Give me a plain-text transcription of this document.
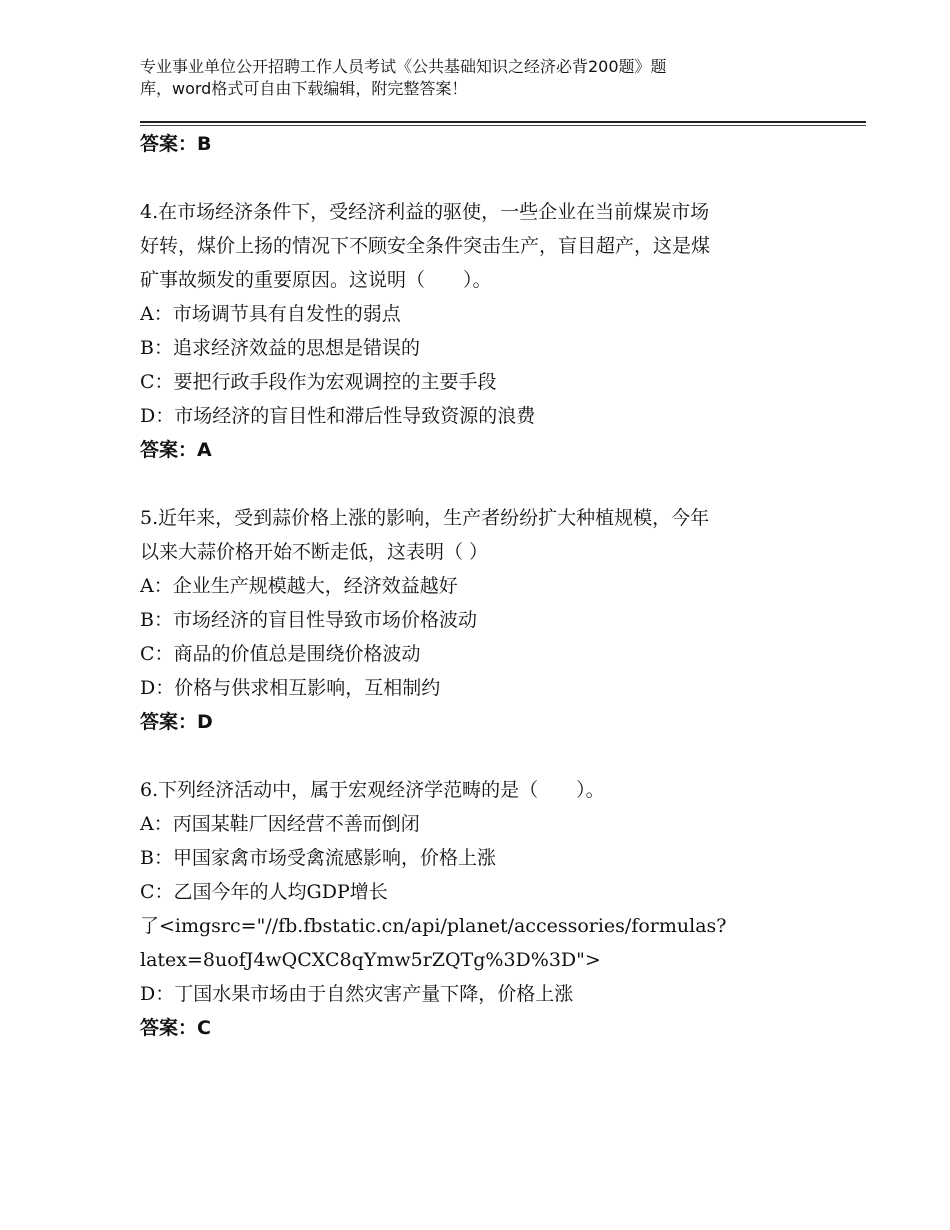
专业事业单位公开招聘工作人员考试《公共基础知识之经济必背200题》题
库，word格式可自由下载编辑，附完整答案！
答案：B
4.在市场经济条件下，受经济利益的驱使，一些企业在当前煤炭市场
好转，煤价上扬的情况下不顾安全条件突击生产，盲目超产，这是煤
矿事故频发的重要原因。这说明（　　）。
A：市场调节具有自发性的弱点
B：追求经济效益的思想是错误的
C：要把行政手段作为宏观调控的主要手段
D：市场经济的盲目性和滞后性导致资源的浪费
答案：A
5.近年来，受到蒜价格上涨的影响，生产者纷纷扩大种植规模，今年
以来大蒜价格开始不断走低，这表明（ ）
A：企业生产规模越大，经济效益越好
B：市场经济的盲目性导致市场价格波动
C：商品的价值总是围绕价格波动
D：价格与供求相互影响，互相制约
答案：D
6.下列经济活动中，属于宏观经济学范畴的是（　　）。
A：丙国某鞋厂因经营不善而倒闭
B：甲国家禽市场受禽流感影响，价格上涨
C：乙国今年的人均GDP增长
了<imgsrc="//fb.fbstatic.cn/api/planet/accessories/formulas?
latex=8uofJ4wQCXC8qYmw5rZQTg%3D%3D">
D：丁国水果市场由于自然灾害产量下降，价格上涨
答案：C
